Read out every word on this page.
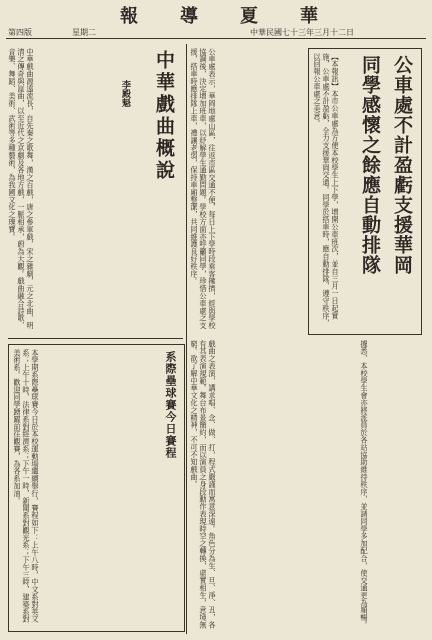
報 導 夏 華
第四版	星期二	中華民國七十三年三月十二日
公車處不計盈虧支援華岡
同學感懷之餘應自動排隊
【本報訊】本市公車處為方便本校學生上下學，增開公車班次，並自三月一日起實施，公車處不計盈虧，全力支援華岡交通。同學於搭車時，應自動排隊，遵守秩序，以回報公車處之美意。
公車處表示，華岡地處山區，往返市區交通不便，每日上下學時段乘客擁擠，經與學校協調後，決定增加班車，以紓解學生通勤問題。學校方面亦呼籲同學，珍惜公車處之支援，搭車時應排隊上車，禮讓老弱，保持車廂整潔，共同維護良好秩序。
據悉，本校學生會亦將派員於各站協助維持秩序，並請同學多加配合，使交通更為順暢。
中華戲曲概說
李殿魁
中華戲曲源遠流長，自先秦之歌舞，漢之百戲，唐之參軍戲，宋之雜劇，元之北曲，明清之傳奇與崑曲，以至近代之京劇及各地方戲，一脈相承，蔚為大觀。戲曲融合詩歌、音樂、舞蹈、美術、武術等多種藝術，為我國文化之瑰寶。
戲曲之表演，講求唱、念、做、打，程式嚴謹而寓意深遠。角色分為生、旦、淨、丑，各有其表演規範。舞台布景簡約，而以演員之身段動作表現時空之轉換，虛實相生，意境無窮。欲了解中華文化之精神，不可不知戲曲。
系際壘球賽今日賽程
本學期系際壘球賽今日於本校運動場繼續舉行，賽程如下：上午八時，中文系對英文系；上午十時，法律系對經濟系；下午一時，新聞系對觀光系；下午三時，建築系對美術系。歡迎同學踴躍前往觀賽，為各系加油。
